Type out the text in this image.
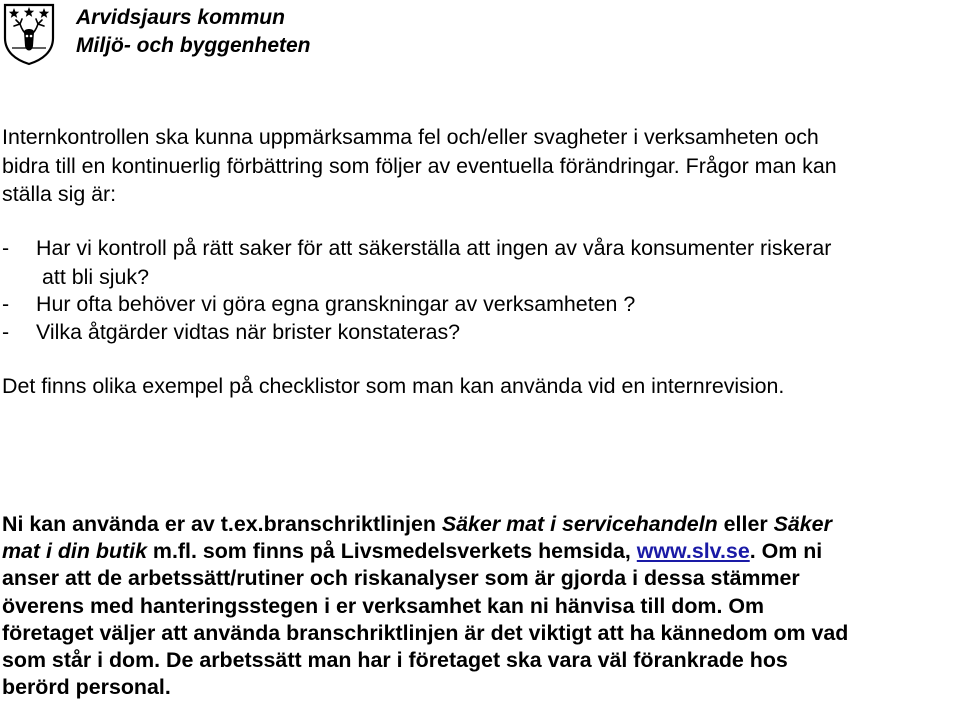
Arvidsjaurs kommun
Miljö- och byggenheten
Internkontrollen ska kunna uppmärksamma fel och/eller svagheter i verksamheten och
bidra till en kontinuerlig förbättring som följer av eventuella förändringar. Frågor man kan
ställa sig är:
- Har vi kontroll på rätt saker för att säkerställa att ingen av våra konsumenter riskerar
att bli sjuk?
- Hur ofta behöver vi göra egna granskningar av verksamheten ?
- Vilka åtgärder vidtas när brister konstateras?
Det finns olika exempel på checklistor som man kan använda vid en internrevision.
Ni kan använda er av t.ex.branschriktlinjen Säker mat i servicehandeln eller Säker
mat i din butik m.fl. som finns på Livsmedelsverkets hemsida, www.slv.se. Om ni
anser att de arbetssätt/rutiner och riskanalyser som är gjorda i dessa stämmer
överens med hanteringsstegen i er verksamhet kan ni hänvisa till dom. Om
företaget väljer att använda branschriktlinjen är det viktigt att ha kännedom om vad
som står i dom. De arbetssätt man har i företaget ska vara väl förankrade hos
berörd personal.
